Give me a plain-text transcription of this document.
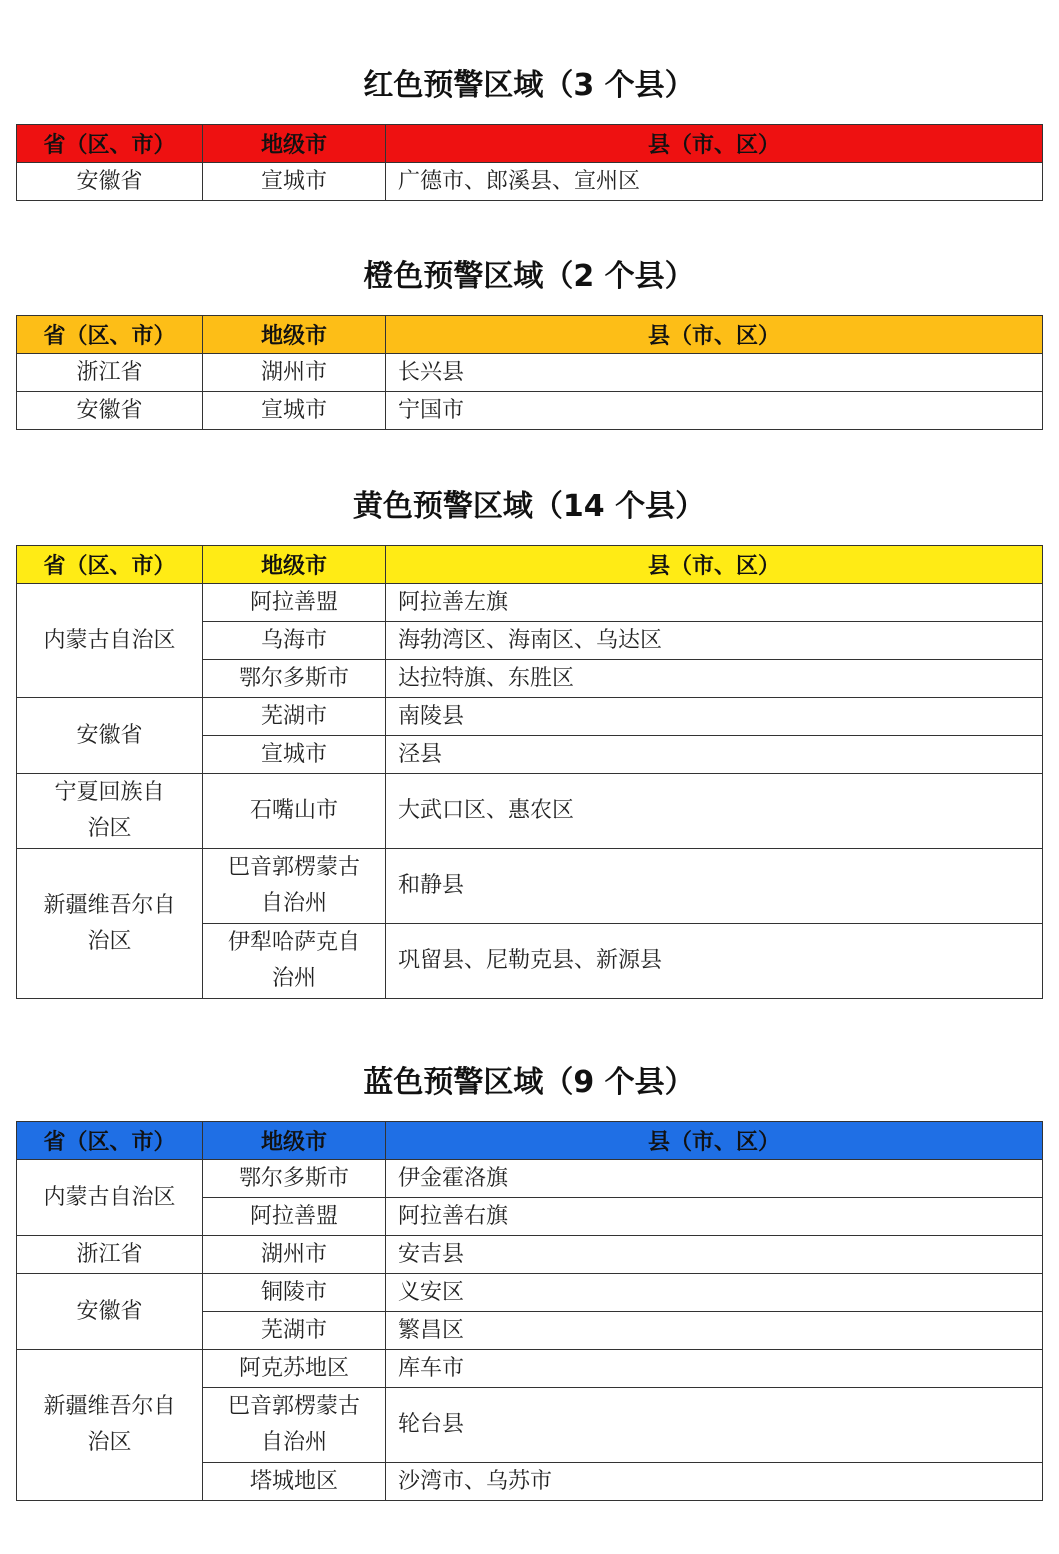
红色预警区域（3 个县）
省（区、市）	地级市	县（市、区）
安徽省	宣城市	广德市、郎溪县、宣州区
橙色预警区域（2 个县）
省（区、市）	地级市	县（市、区）
浙江省	湖州市	长兴县
安徽省	宣城市	宁国市
黄色预警区域（14 个县）
省（区、市）	地级市	县（市、区）
内蒙古自治区	阿拉善盟	阿拉善左旗
	乌海市	海勃湾区、海南区、乌达区
	鄂尔多斯市	达拉特旗、东胜区
安徽省	芜湖市	南陵县
	宣城市	泾县
宁夏回族自治区	石嘴山市	大武口区、惠农区
新疆维吾尔自治区	巴音郭楞蒙古自治州	和静县
	伊犁哈萨克自治州	巩留县、尼勒克县、新源县
蓝色预警区域（9 个县）
省（区、市）	地级市	县（市、区）
内蒙古自治区	鄂尔多斯市	伊金霍洛旗
	阿拉善盟	阿拉善右旗
浙江省	湖州市	安吉县
安徽省	铜陵市	义安区
	芜湖市	繁昌区
新疆维吾尔自治区	阿克苏地区	库车市
	巴音郭楞蒙古自治州	轮台县
	塔城地区	沙湾市、乌苏市
